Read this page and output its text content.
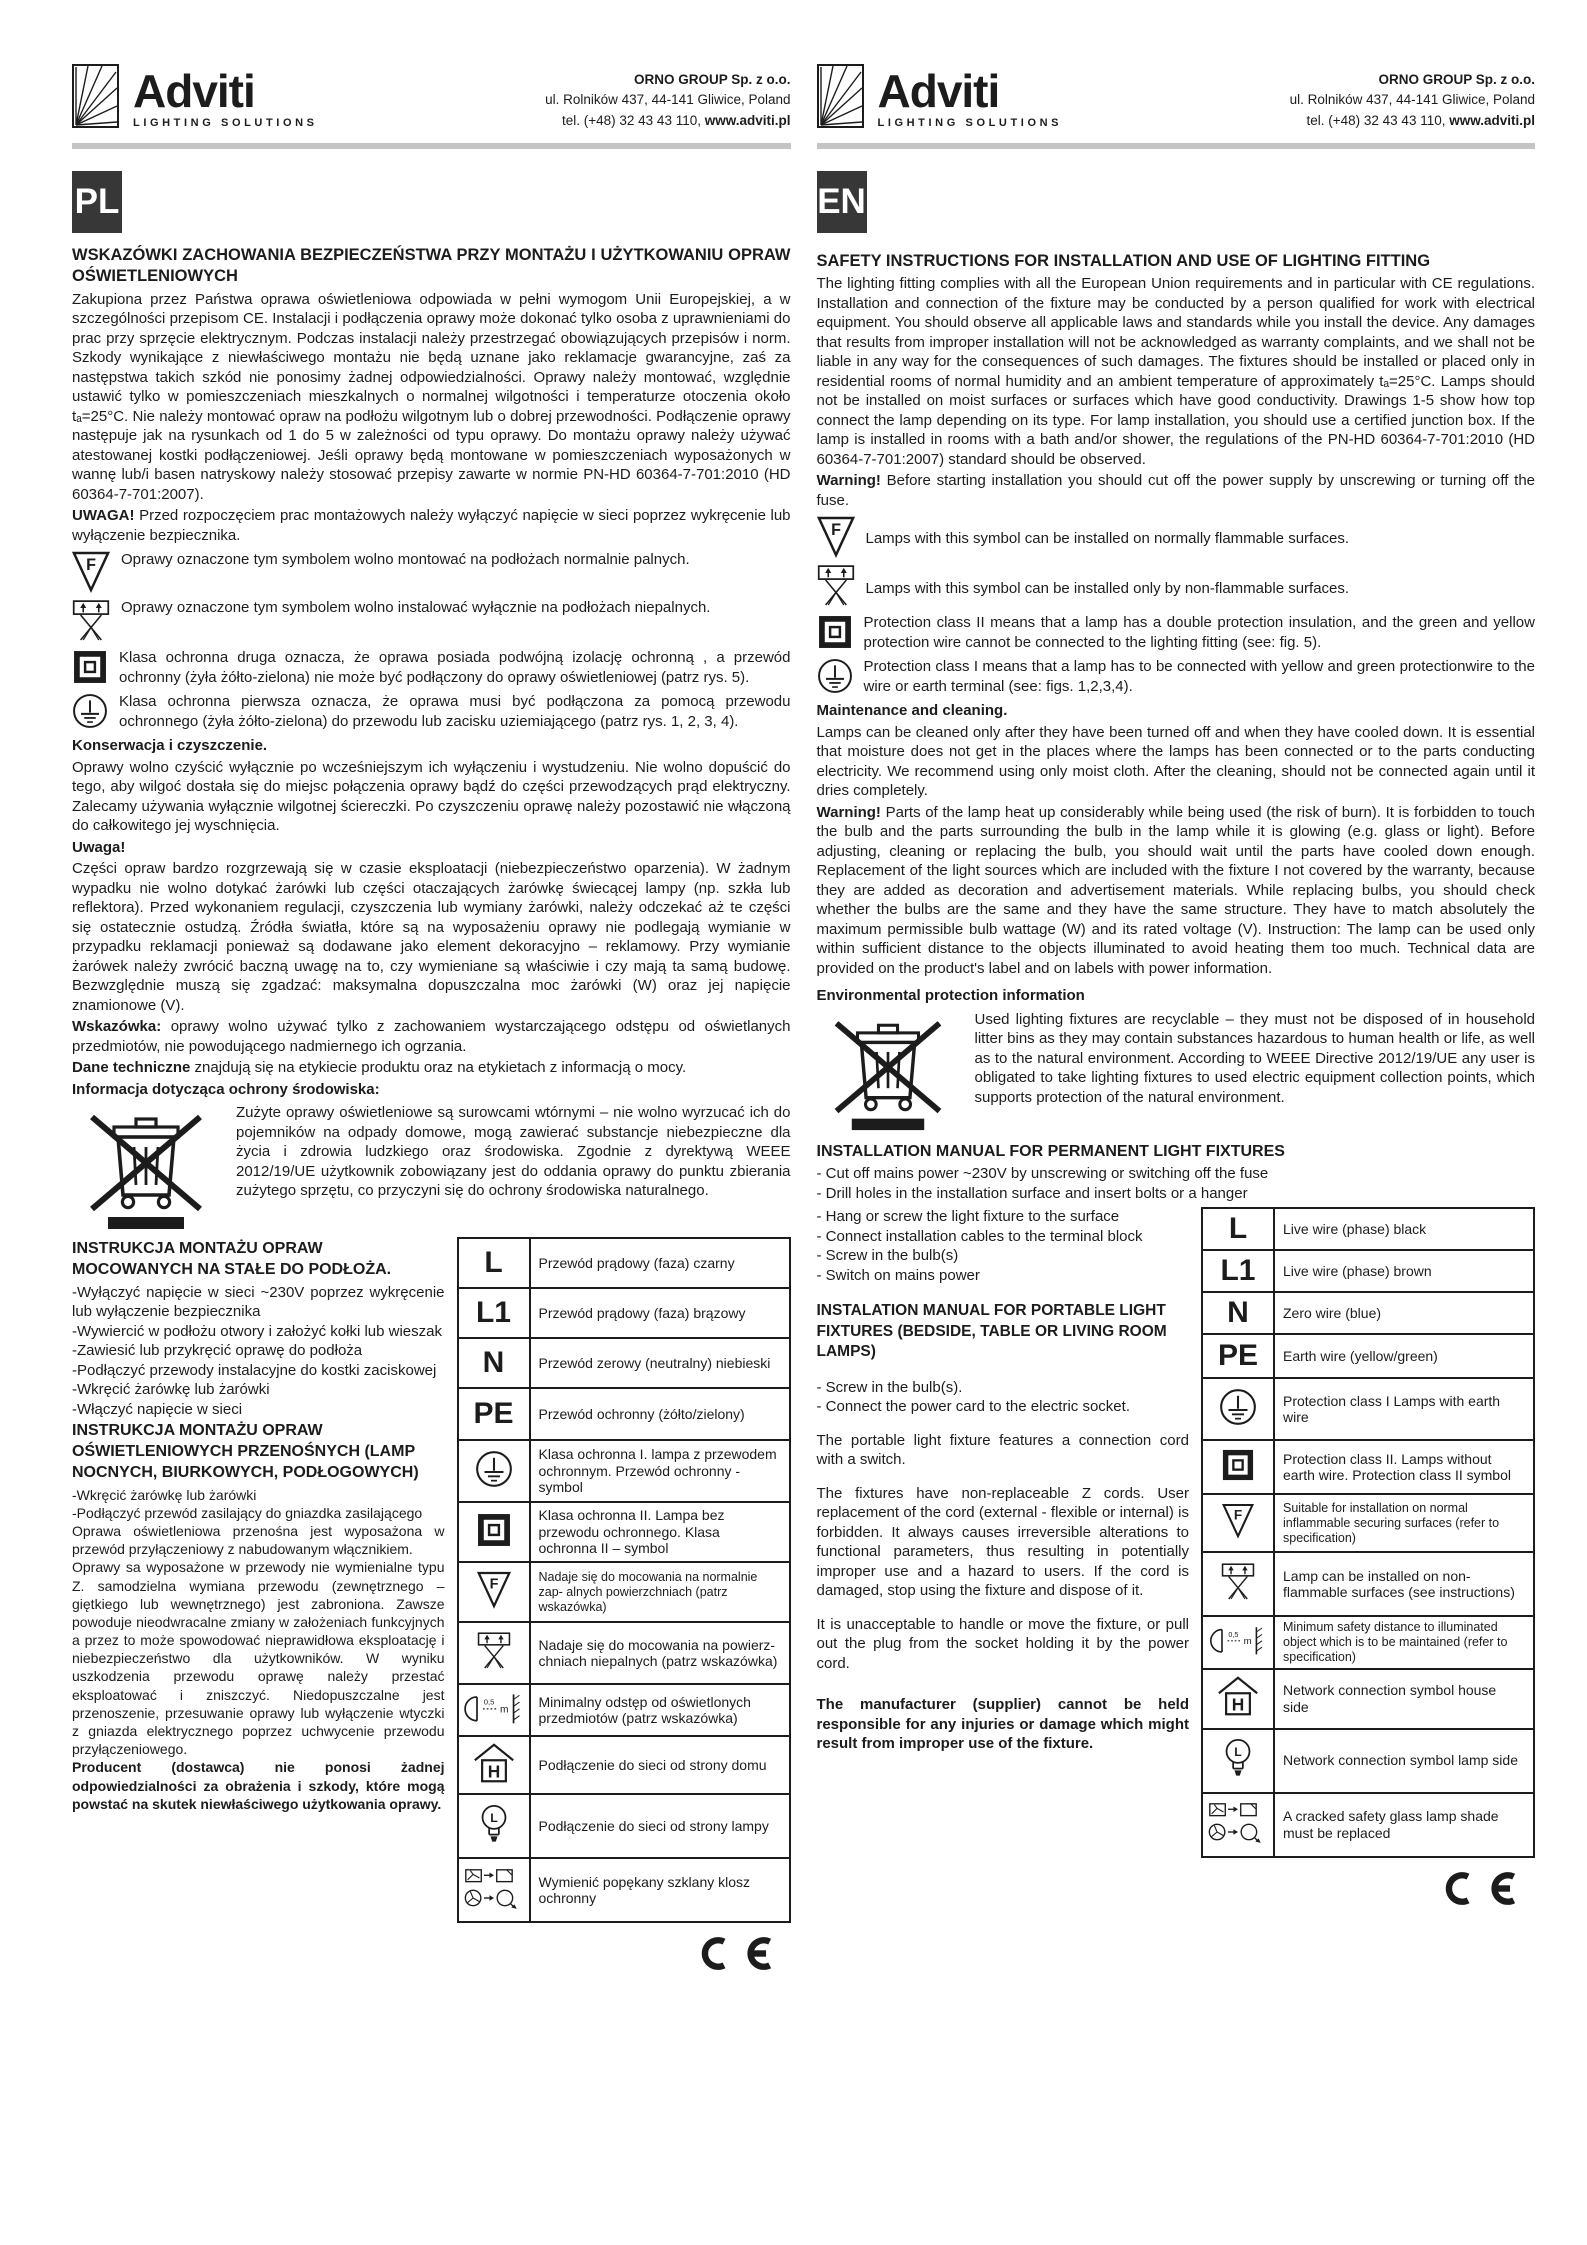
Adviti
LIGHTING SOLUTIONS
ORNO GROUP Sp. z o.o.
ul. Rolników 437, 44-141 Gliwice, Poland
tel. (+48) 32 43 43 110, www.adviti.pl
PL
WSKAZÓWKI ZACHOWANIA BEZPIECZEŃSTWA PRZY MONTAŻU I UŻYTKOWANIU OPRAW OŚWIETLENIOWYCH

Zakupiona przez Państwa oprawa oświetleniowa odpowiada w pełni wymogom Unii Europejskiej, a w szczególności przepisom CE. Instalacji i podłączenia oprawy może dokonać tylko osoba z uprawnieniami do prac przy sprzęcie elektrycznym. Podczas instalacji należy przestrzegać obowiązujących przepisów i norm. Szkody wynikające z niewłaściwego montażu nie będą uznane jako reklamacje gwarancyjne, zaś za następstwa takich szkód nie ponosimy żadnej odpowiedzialności. Oprawy należy montować, względnie ustawić tylko w pomieszczeniach mieszkalnych o normalnej wilgotności i temperaturze otoczenia około tₐ=25°C. Nie należy montować opraw na podłożu wilgotnym lub o dobrej przewodności. Podłączenie oprawy następuje jak na rysunkach od 1 do 5 w zależności od typu oprawy. Do montażu oprawy należy używać atestowanej kostki podłączeniowej. Jeśli oprawy będą montowane w pomieszczeniach wyposażonych w wannę lub/i basen natryskowy należy stosować przepisy zawarte w normie PN-HD 60364-7-701:2010 (HD 60364-7-701:2007).

UWAGA! Przed rozpoczęciem prac montażowych należy wyłączyć napięcie w sieci poprzez wykręcenie lub wyłączenie bezpiecznika.

Oprawy oznaczone tym symbolem wolno montować na podłożach normalnie palnych.

Oprawy oznaczone tym symbolem wolno instalować wyłącznie na podłożach niepalnych.

Klasa ochronna druga oznacza, że oprawa posiada podwójną izolację ochronną , a przewód ochronny (żyła żółto-zielona) nie może być podłączony do oprawy oświetleniowej (patrz rys. 5).

Klasa ochronna pierwsza oznacza, że oprawa musi być podłączona za pomocą przewodu ochronnego (żyła żółto-zielona) do przewodu lub zacisku uziemiającego (patrz rys. 1, 2, 3, 4).

Konserwacja i czyszczenie.

Oprawy wolno czyścić wyłącznie po wcześniejszym ich wyłączeniu i wystudzeniu. Nie wolno dopuścić do tego, aby wilgoć dostała się do miejsc połączenia oprawy bądź do części przewodzących prąd elektryczny. Zalecamy używania wyłącznie wilgotnej ściereczki. Po czyszczeniu oprawę należy pozostawić nie włączoną do całkowitego jej wyschnięcia.

Uwaga!

Części opraw bardzo rozgrzewają się w czasie eksploatacji (niebezpieczeństwo oparzenia). W żadnym wypadku nie wolno dotykać żarówki lub części otaczających żarówkę świecącej lampy (np. szkła lub reflektora). Przed wykonaniem regulacji, czyszczenia lub wymiany żarówki, należy odczekać aż te części się ostatecznie ostudzą. Źródła światła, które są na wyposażeniu oprawy nie podlegają wymianie w przypadku reklamacji ponieważ są dodawane jako element dekoracyjno – reklamowy. Przy wymianie żarówek należy zwrócić baczną uwagę na to, czy wymieniane są właściwie i czy mają ta samą budowę. Bezwzględnie muszą się zgadzać: maksymalna dopuszczalna moc żarówki (W) oraz jej napięcie znamionowe (V).

Wskazówka: oprawy wolno używać tylko z zachowaniem wystarczającego odstępu od oświetlanych przedmiotów, nie powodującego nadmiernego ich ogrzania.

Dane techniczne znajdują się na etykiecie produktu oraz na etykietach z informacją o mocy.

Informacja dotycząca ochrony środowiska:

Zużyte oprawy oświetleniowe są surowcami wtórnymi – nie wolno wyrzucać ich do pojemników na odpady domowe, mogą zawierać substancje niebezpieczne dla życia i zdrowia ludzkiego oraz środowiska. Zgodnie z dyrektywą WEEE 2012/19/UE użytkownik zobowiązany jest do oddania oprawy do punktu zbierania zużytego sprzętu, co przyczyni się do ochrony środowiska naturalnego.

INSTRUKCJA MONTAŻU OPRAW MOCOWANYCH NA STAŁE DO PODŁOŻA.
-Wyłączyć napięcie w sieci ~230V poprzez wykręcenie lub wyłączenie bezpiecznika
-Wywiercić w podłożu otwory i założyć kołki lub wieszak
-Zawiesić lub przykręcić oprawę do podłoża
-Podłączyć przewody instalacyjne do kostki zaciskowej
-Wkręcić żarówkę lub żarówki
-Włączyć napięcie w sieci
INSTRUKCJA MONTAŻU OPRAW OŚWIETLENIOWYCH PRZENOŚNYCH (LAMP NOCNYCH, BIURKOWYCH, PODŁOGOWYCH)
-Wkręcić żarówkę lub żarówki
-Podłączyć przewód zasilający do gniazdka zasilającego
Oprawa oświetleniowa przenośna jest wyposażona w przewód przyłączeniowy z nabudowanym włącznikiem.
Oprawy sa wyposażone w przewody nie wymienialne typu Z. samodzielna wymiana przewodu (zewnętrznego – giętkiego lub wewnętrznego) jest zabroniona. Zawsze powoduje nieodwracalne zmiany w założeniach funkcyjnych a przez to może spowodować nieprawidłowa eksploatację i niebezpieczeństwo dla użytkowników. W wyniku uszkodzenia przewodu oprawę należy przestać eksploatować i zniszczyć. Niedopuszczalne jest przenoszenie, przesuwanie oprawy lub wyłączenie wtyczki z gniazda elektrycznego poprzez uchwycenie przewodu przyłączeniowego.
Producent (dostawca) nie ponosi żadnej odpowiedzialności za obrażenia i szkody, które mogą powstać na skutek niewłaściwego użytkowania oprawy.
L	Przewód prądowy (faza) czarny
L1	Przewód prądowy (faza) brązowy
N	Przewód zerowy (neutralny) niebieski
PE	Przewód ochronny (żółto/zielony)
	Klasa ochronna I. lampa z przewodem ochronnym. Przewód ochronny - symbol
	Klasa ochronna II. Lampa bez przewodu ochronnego. Klasa ochronna II – symbol
	Nadaje się do mocowania na normalnie zap- alnych powierzchniach (patrz wskazówka)
	Nadaje się do mocowania na powierz- chniach niepalnych (patrz wskazówka)
	Minimalny odstęp od oświetlonych przedmiotów (patrz wskazówka)
	Podłączenie do sieci od strony domu
	Podłączenie do sieci od strony lampy
	Wymienić popękany szklany klosz ochronny
Adviti
LIGHTING SOLUTIONS
ORNO GROUP Sp. z o.o.
ul. Rolników 437, 44-141 Gliwice, Poland
tel. (+48) 32 43 43 110, www.adviti.pl
EN
SAFETY INSTRUCTIONS FOR INSTALLATION AND USE OF LIGHTING FITTING

The lighting fitting complies with all the European Union requirements and in particular with CE regulations. Installation and connection of the fixture may be conducted by a person qualified for work with electrical equipment. You should observe all applicable laws and standards while you install the device. Any damages that results from improper installation will not be acknowledged as warranty complaints, and we shall not be liable in any way for the consequences of such damages. The fixtures should be installed or placed only in residential rooms of normal humidity and an ambient temperature of approximately tₐ=25°C. Lamps should not be installed on moist surfaces or surfaces which have good conductivity. Drawings 1-5 show how top connect the lamp depending on its type. For lamp installation, you should use a certified junction box. If the lamp is installed in rooms with a bath and/or shower, the regulations of the PN-HD 60364-7-701:2010 (HD 60364-7-701:2007) standard should be observed.

Warning! Before starting installation you should cut off the power supply by unscrewing or turning off the fuse.

Lamps with this symbol can be installed on normally flammable surfaces.

Lamps with this symbol can be installed only by non-flammable surfaces.

Protection class II means that a lamp has a double protection insulation, and the green and yellow protection wire cannot be connected to the lighting fitting (see: fig. 5).

Protection class I means that a lamp has to be connected with yellow and green protectionwire to the wire or earth terminal (see: figs. 1,2,3,4).

Maintenance and cleaning.

Lamps can be cleaned only after they have been turned off and when they have cooled down. It is essential that moisture does not get in the places where the lamps has been connected or to the parts conducting electricity. We recommend using only moist cloth. After the cleaning, should not be connected again until it dries completely.

Warning! Parts of the lamp heat up considerably while being used (the risk of burn). It is forbidden to touch the bulb and the parts surrounding the bulb in the lamp while it is glowing (e.g. glass or light). Before adjusting, cleaning or replacing the bulb, you should wait until the parts have cooled down enough. Replacement of the light sources which are included with the fixture I not covered by the warranty, because they are added as decoration and advertisement materials. While replacing bulbs, you should check whether the bulbs are the same and they have the same structure. They have to match absolutely the maximum permissible bulb wattage (W) and its rated voltage (V). Instruction: The lamp can be used only within sufficient distance to the objects illuminated to avoid heating them too much. Technical data are provided on the product's label and on labels with power information.

Environmental protection information

Used lighting fixtures are recyclable – they must not be disposed of in household litter bins as they may contain substances hazardous to human health or life, as well as to the natural environment. According to WEEE Directive 2012/19/UE any user is obligated to take lighting fixtures to used electric equipment collection points, which supports protection of the natural environment.

INSTALLATION MANUAL FOR PERMANENT LIGHT FIXTURES
- Cut off mains power ~230V by unscrewing or switching off the fuse
- Drill holes in the installation surface and insert bolts or a hanger
- Hang or screw the light fixture to the surface
- Connect installation cables to the terminal block
- Screw in the bulb(s)
- Switch on mains power
INSTALATION MANUAL FOR PORTABLE LIGHT FIXTURES (BEDSIDE, TABLE OR LIVING ROOM LAMPS)
- Screw in the bulb(s).
- Connect the power card to the electric socket.
The portable light fixture features a connection cord with a switch.
The fixtures have non-replaceable Z cords. User replacement of the cord (external - flexible or internal) is forbidden. It always causes irreversible alterations to functional parameters, thus resulting in potentially improper use and a hazard to users. If the cord is damaged, stop using the fixture and dispose of it.
It is unacceptable to handle or move the fixture, or pull out the plug from the socket holding it by the power cord.
The manufacturer (supplier) cannot be held responsible for any injuries or damage which might result from improper use of the fixture.
L	Live wire (phase) black
L1	Live wire (phase) brown
N	Zero wire (blue)
PE	Earth wire (yellow/green)
	Protection class I Lamps with earth wire
	Protection class II. Lamps without earth wire. Protection class II symbol
	Suitable for installation on normal inflammable securing surfaces (refer to specification)
	Lamp can be installed on non- flammable surfaces (see instructions)
	Minimum safety distance to illuminated object which is to be maintained (refer to specification)
	Network connection symbol house side
	Network connection symbol lamp side
	A cracked safety glass lamp shade must be replaced
